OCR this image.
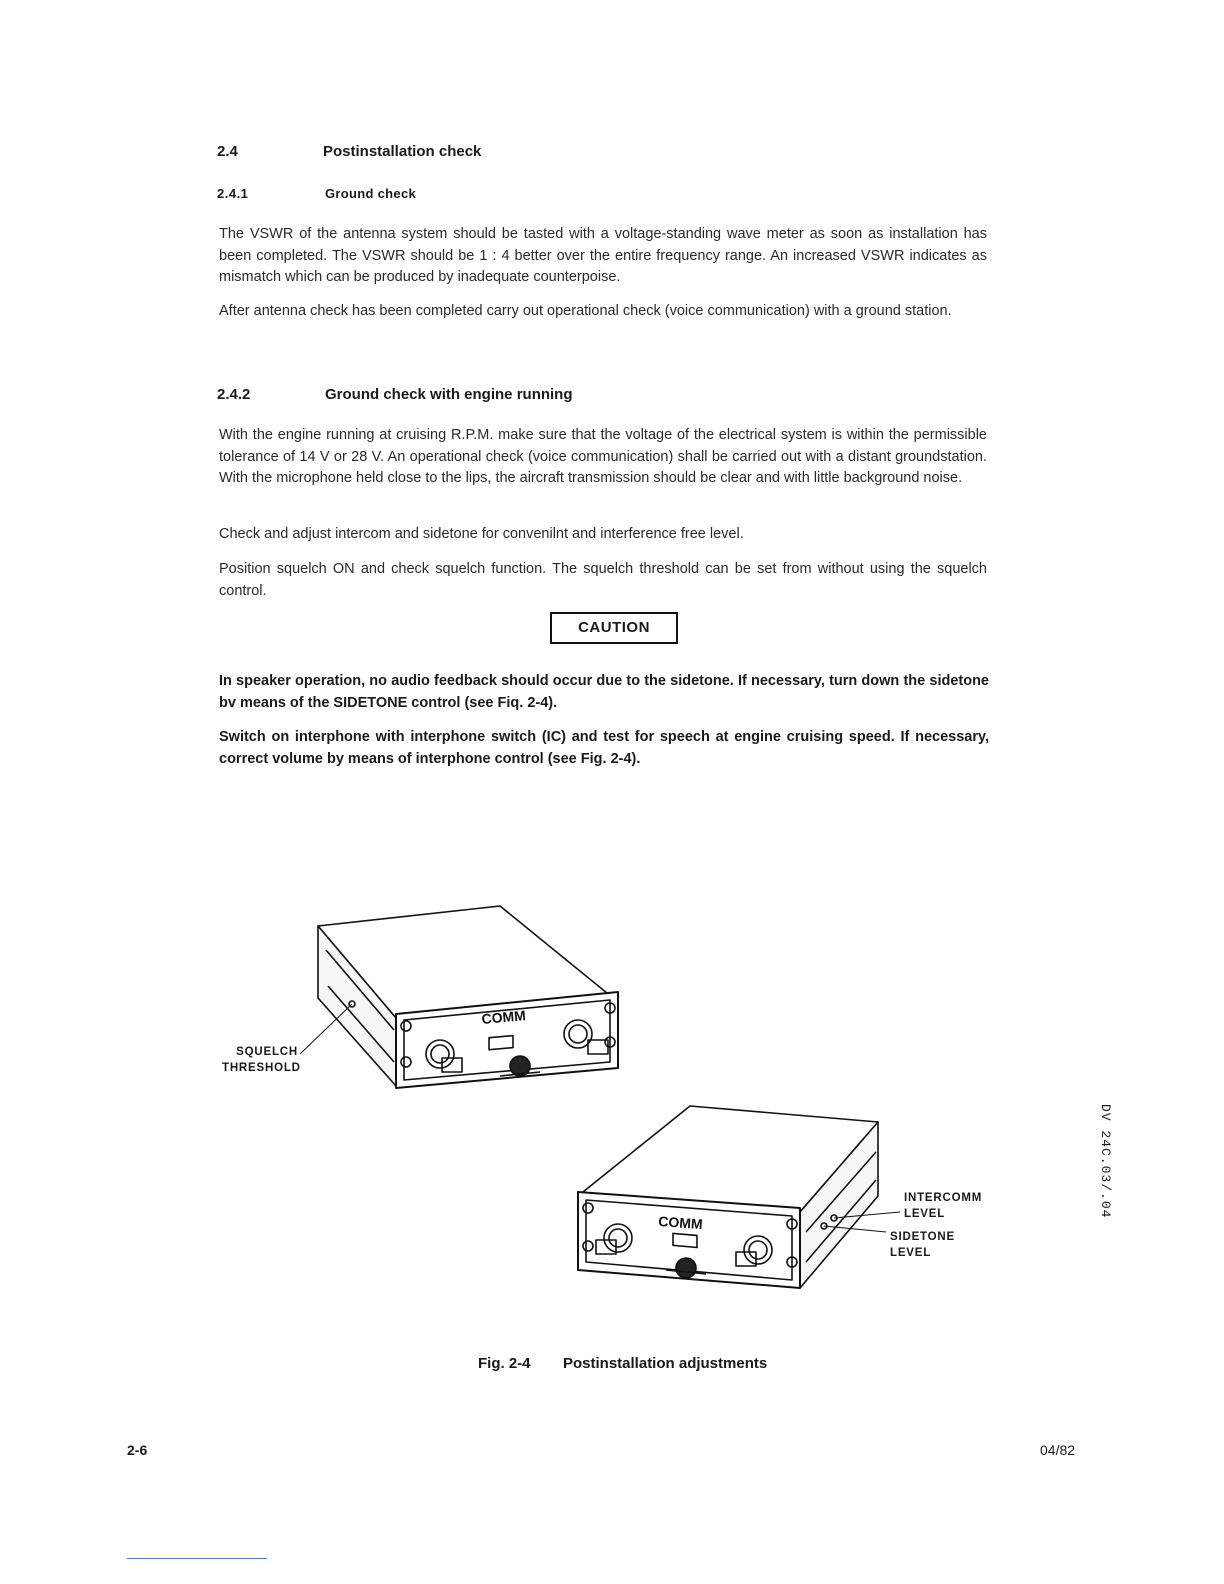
2.4	Postinstallation check
2.4.1	Ground check
The VSWR of the antenna system should be tasted with a voltage-standing wave meter as soon as installation has been completed. The VSWR should be 1 : 4 better over the entire frequency range. An increased VSWR indicates as mismatch which can be produced by inadequate counterpoise.
After antenna check has been completed carry out operational check (voice communication) with a ground station.
2.4.2	Ground check with engine running
With the engine running at cruising R.P.M. make sure that the voltage of the electrical system is within the permissible tolerance of 14 V or 28 V. An operational check (voice communication) shall be carried out with a distant groundstation. With the microphone held close to the lips, the aircraft transmission should be clear and with little background noise.
Check and adjust intercom and sidetone for convenilnt and interference free level.
Position squelch ON and check squelch function. The squelch threshold can be set from without using the squelch control.
CAUTION
In speaker operation, no audio feedback should occur due to the sidetone. If necessary, turn down the sidetone bv means of the SIDETONE control (see Fiq. 2-4).
Switch on interphone with interphone switch (IC) and test for speech at engine cruising speed. If necessary, correct volume by means of interphone control (see Fig. 2-4).
COMM
COMM
SQUELCH
THRESHOLD
INTERCOMM
LEVEL
SIDETONE
LEVEL
Fig. 2-4 Postinstallation adjustments
DV 24C.03/.04
2-6	04/82
